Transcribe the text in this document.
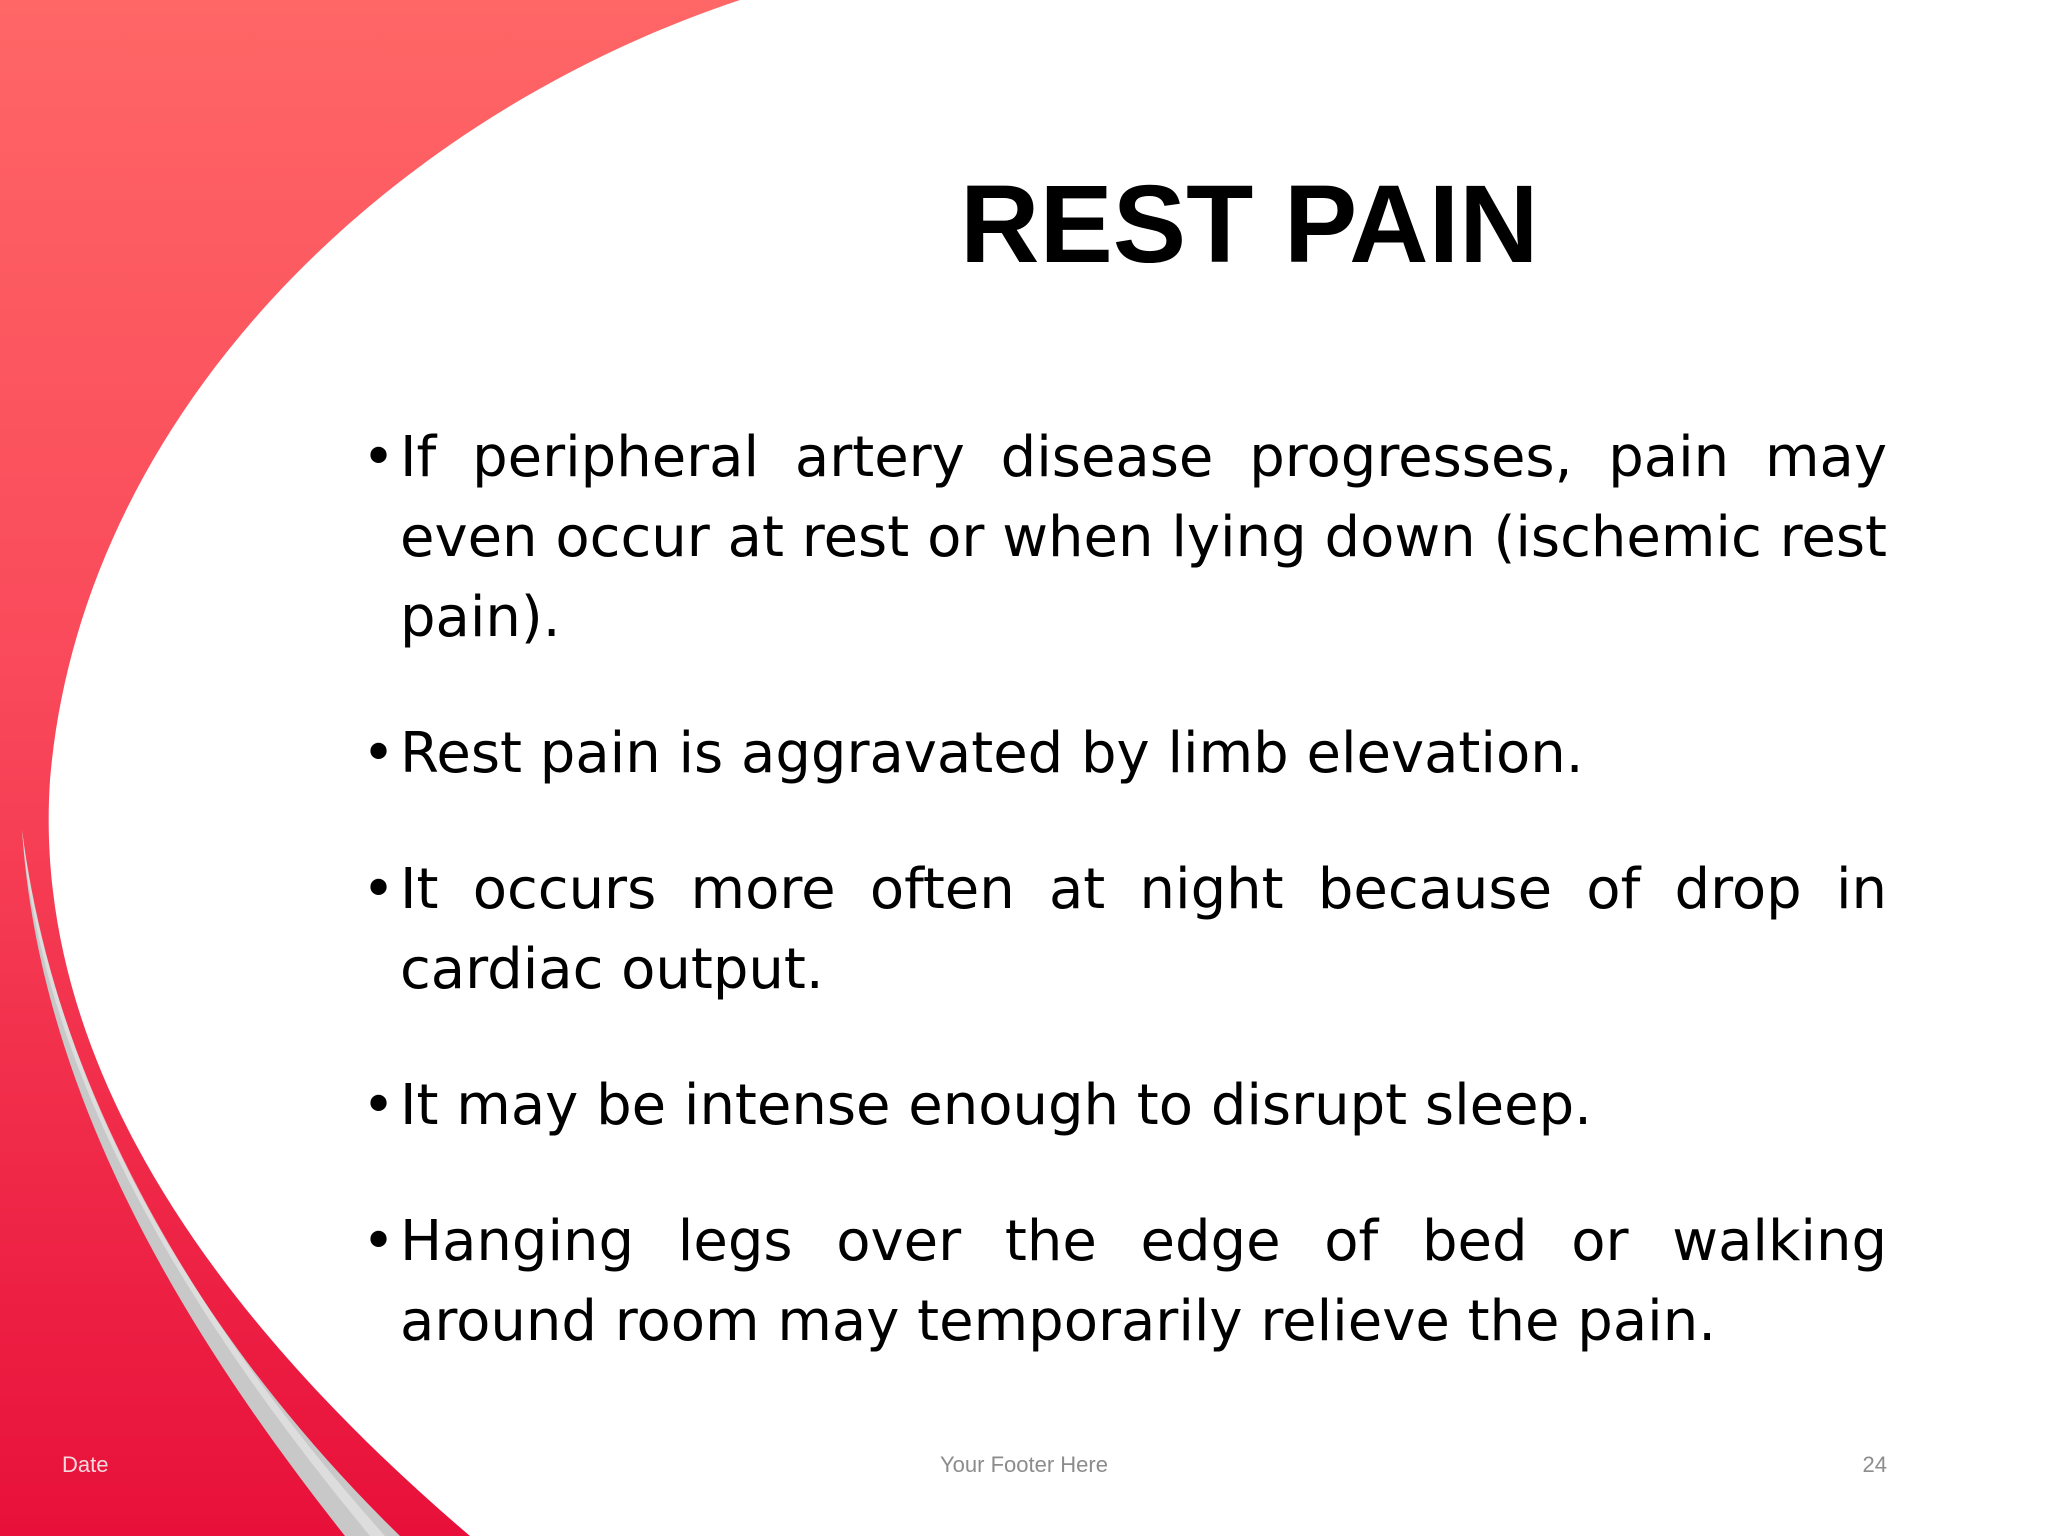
REST PAIN
• If peripheral artery disease progresses, pain may even occur at rest or when lying down (ischemic rest pain).
• Rest pain is aggravated by limb elevation.
• It occurs more often at night because of drop in cardiac output.
• It may be intense enough to disrupt sleep.
• Hanging legs over the edge of bed or walking around room may temporarily relieve the pain.
Date	Your Footer Here	24
